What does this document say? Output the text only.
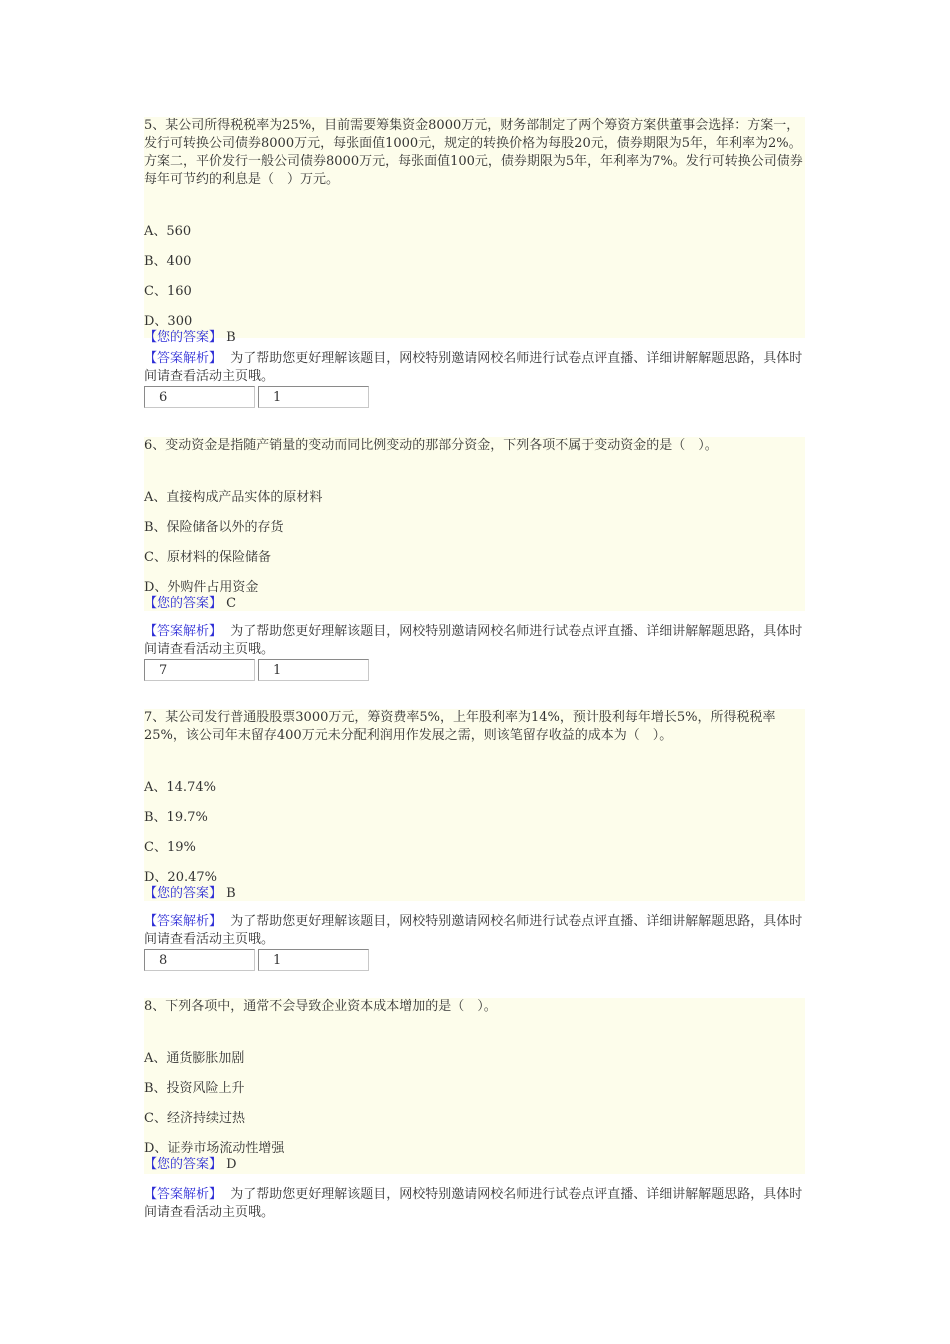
5、某公司所得税税率为25%，目前需要筹集资金8000万元，财务部制定了两个筹资方案供董事会选择：方案一，发行可转换公司债券8000万元，每张面值1000元，规定的转换价格为每股20元，债券期限为5年，年利率为2%。方案二，平价发行一般公司债券8000万元，每张面值100元，债券期限为5年，年利率为7%。发行可转换公司债券每年可节约的利息是（　）万元。

A、560

B、400

C、160

D、300

【您的答案】 B

【答案解析】 为了帮助您更好理解该题目，网校特别邀请网校名师进行试卷点评直播、详细讲解解题思路，具体时间请查看活动主页哦。

6	1

6、变动资金是指随产销量的变动而同比例变动的那部分资金，下列各项不属于变动资金的是（　）。

A、直接构成产品实体的原材料

B、保险储备以外的存货

C、原材料的保险储备

D、外购件占用资金

【您的答案】 C

【答案解析】 为了帮助您更好理解该题目，网校特别邀请网校名师进行试卷点评直播、详细讲解解题思路，具体时间请查看活动主页哦。

7	1

7、某公司发行普通股股票3000万元，筹资费率5%，上年股利率为14%，预计股利每年增长5%，所得税税率25%，该公司年末留存400万元未分配利润用作发展之需，则该笔留存收益的成本为（　）。

A、14.74%

B、19.7%

C、19%

D、20.47%

【您的答案】 B

【答案解析】 为了帮助您更好理解该题目，网校特别邀请网校名师进行试卷点评直播、详细讲解解题思路，具体时间请查看活动主页哦。

8	1

8、下列各项中，通常不会导致企业资本成本增加的是（　）。

A、通货膨胀加剧

B、投资风险上升

C、经济持续过热

D、证券市场流动性增强

【您的答案】 D

【答案解析】 为了帮助您更好理解该题目，网校特别邀请网校名师进行试卷点评直播、详细讲解解题思路，具体时间请查看活动主页哦。
